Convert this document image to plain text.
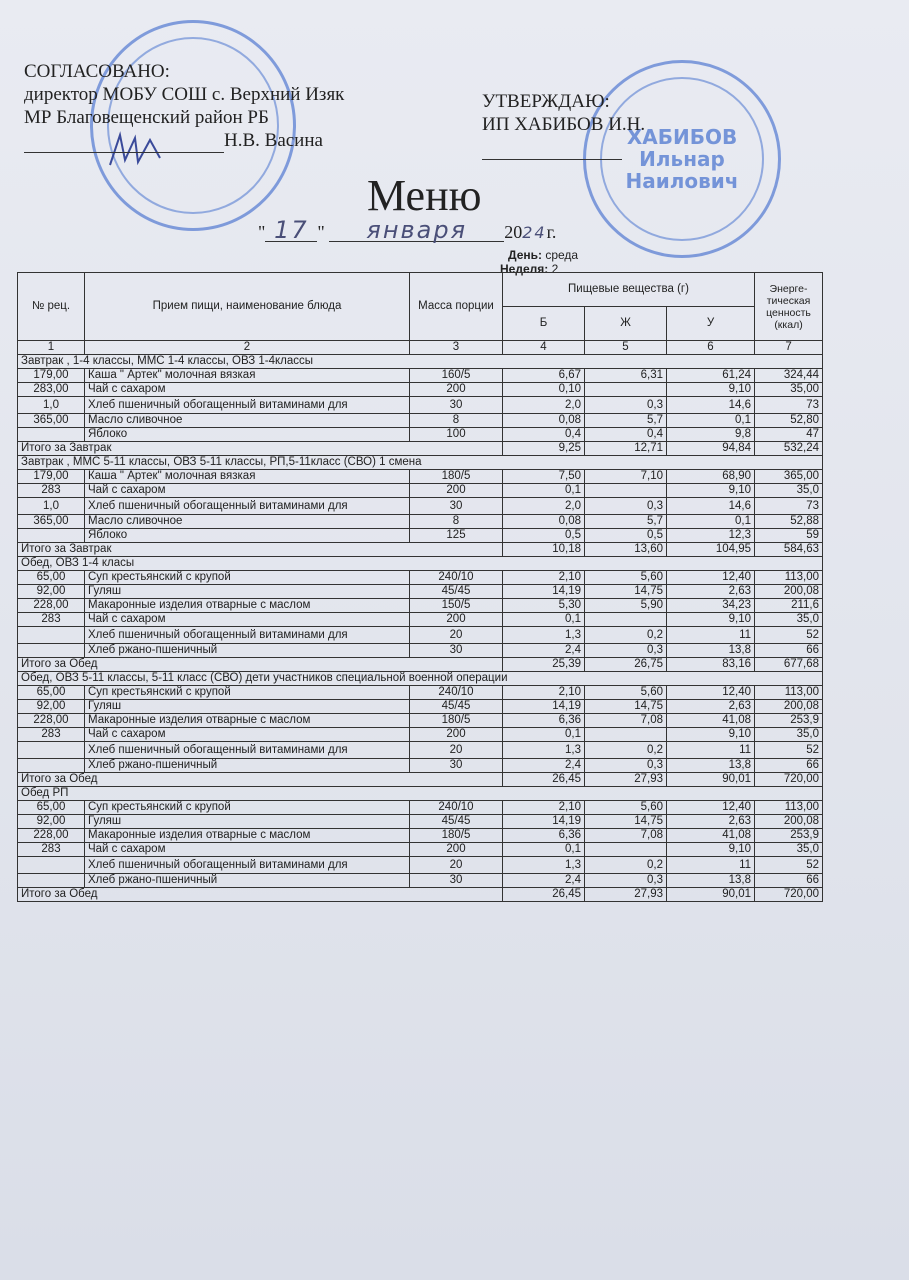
ХАБИБОВ Ильнар Наилович
СОГЛАСОВАНО:
директор МОБУ СОШ с. Верхний Изяк
МР Благовещенский район РБ
Н.В. Васина
УТВЕРЖДАЮ:
ИП ХАБИБОВ И.Н.

Меню
" 17 " января 2024г.
День: среда
Неделя: 2
№ рец.	Прием пищи, наименование блюда	Масса порции	Пищевые вещества (г)			Энерге-тическая ценность (ккал)
			Б	Ж	У	
1	2	3	4	5	6	7
Завтрак , 1-4 классы, МMC 1-4 классы, ОВЗ 1-4классы						
179,00	Каша " Артек" молочная вязкая	160/5	6,67	6,31	61,24	324,44
283,00	Чай с сахаром	200	0,10		9,10	35,00
1,0	Хлеб пшеничный обогащенный витаминами для	30	2,0	0,3	14,6	73
365,00	Масло сливочное	8	0,08	5,7	0,1	52,80
	Яблоко	100	0,4	0,4	9,8	47
Итого за Завтрак			9,25	12,71	94,84	532,24
Завтрак , ММС 5-11 классы, ОВЗ 5-11 классы, РП,5-11класс (СВО) 1 смена						
179,00	Каша " Артек" молочная вязкая	180/5	7,50	7,10	68,90	365,00
283	Чай с сахаром	200	0,1		9,10	35,0
1,0	Хлеб пшеничный обогащенный витаминами для	30	2,0	0,3	14,6	73
365,00	Масло сливочное	8	0,08	5,7	0,1	52,88
	Яблоко	125	0,5	0,5	12,3	59
Итого за Завтрак			10,18	13,60	104,95	584,63
Обед, ОВЗ 1-4 класы						
65,00	Суп крестьянский с крупой	240/10	2,10	5,60	12,40	113,00
92,00	Гуляш	45/45	14,19	14,75	2,63	200,08
228,00	Макаронные изделия отварные с маслом	150/5	5,30	5,90	34,23	211,6
283	Чай с сахаром	200	0,1		9,10	35,0
	Хлеб пшеничный обогащенный витаминами для	20	1,3	0,2	11	52
	Хлеб ржано-пшеничный	30	2,4	0,3	13,8	66
Итого за Обед			25,39	26,75	83,16	677,68
Обед, ОВЗ 5-11 классы, 5-11 класс (СВО) дети участников специальной военной операции						
65,00	Суп крестьянский с крупой	240/10	2,10	5,60	12,40	113,00
92,00	Гуляш	45/45	14,19	14,75	2,63	200,08
228,00	Макаронные изделия отварные с маслом	180/5	6,36	7,08	41,08	253,9
283	Чай с сахаром	200	0,1		9,10	35,0
	Хлеб пшеничный обогащенный витаминами для	20	1,3	0,2	11	52
	Хлеб ржано-пшеничный	30	2,4	0,3	13,8	66
Итого за Обед			26,45	27,93	90,01	720,00
Обед РП						
65,00	Суп крестьянский с крупой	240/10	2,10	5,60	12,40	113,00
92,00	Гуляш	45/45	14,19	14,75	2,63	200,08
228,00	Макаронные изделия отварные с маслом	180/5	6,36	7,08	41,08	253,9
283	Чай с сахаром	200	0,1		9,10	35,0
	Хлеб пшеничный обогащенный витаминами для	20	1,3	0,2	11	52
	Хлеб ржано-пшеничный	30	2,4	0,3	13,8	66
Итого за Обед			26,45	27,93	90,01	720,00
